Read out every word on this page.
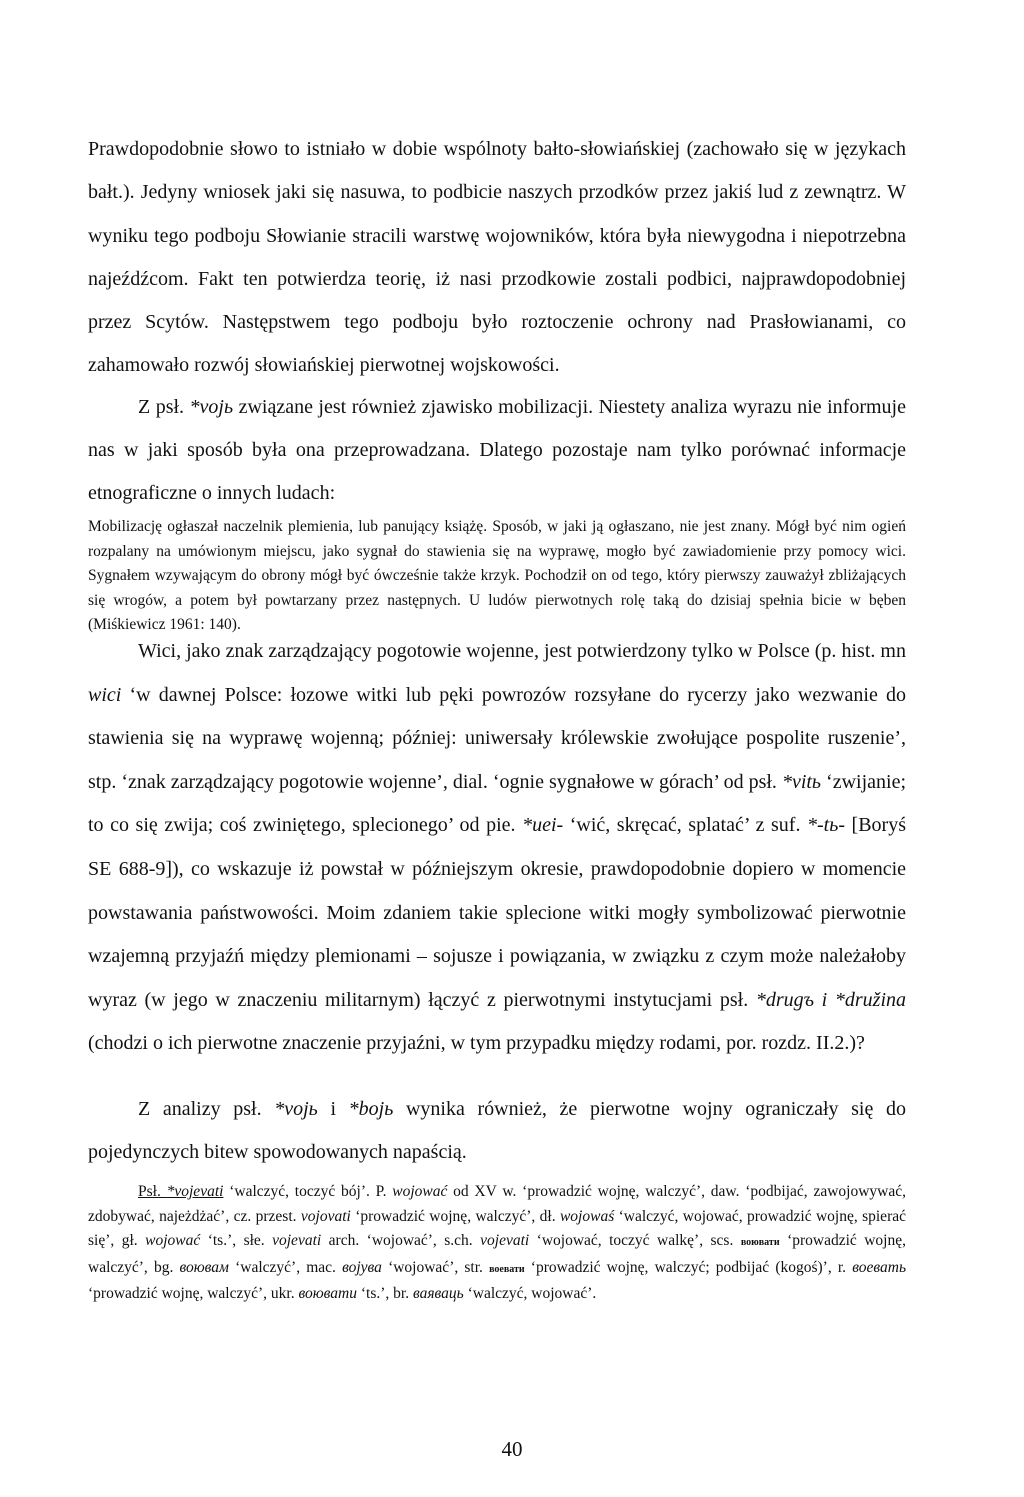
Prawdopodobnie słowo to istniało w dobie wspólnoty bałto-słowiańskiej (zachowało się w językach bałt.). Jedyny wniosek jaki się nasuwa, to podbicie naszych przodków przez jakiś lud z zewnątrz. W wyniku tego podboju Słowianie stracili warstwę wojowników, która była niewygodna i niepotrzebna najeźdźcom. Fakt ten potwierdza teorię, iż nasi przodkowie zostali podbici, najprawdopodobniej przez Scytów. Następstwem tego podboju było roztoczenie ochrony nad Prasłowianami, co zahamowało rozwój słowiańskiej pierwotnej wojskowości.

Z psł. *vojь związane jest również zjawisko mobilizacji. Niestety analiza wyrazu nie informuje nas w jaki sposób była ona przeprowadzana. Dlatego pozostaje nam tylko porównać informacje etnograficzne o innych ludach:

Mobilizację ogłaszał naczelnik plemienia, lub panujący książę. Sposób, w jaki ją ogłaszano, nie jest znany. Mógł być nim ogień rozpalany na umówionym miejscu, jako sygnał do stawienia się na wyprawę, mogło być zawiadomienie przy pomocy wici. Sygnałem wzywającym do obrony mógł być ówcześnie także krzyk. Pochodził on od tego, który pierwszy zauważył zbliżających się wrogów, a potem był powtarzany przez następnych. U ludów pierwotnych rolę taką do dzisiaj spełnia bicie w bęben (Miśkiewicz 1961: 140).

Wici, jako znak zarządzający pogotowie wojenne, jest potwierdzony tylko w Polsce (p. hist. mn wici ‘w dawnej Polsce: łozowe witki lub pęki powrozów rozsyłane do rycerzy jako wezwanie do stawienia się na wyprawę wojenną; później: uniwersały królewskie zwołujące pospolite ruszenie’, stp. ‘znak zarządzający pogotowie wojenne’, dial. ‘ognie sygnałowe w górach’ od psł. *vitь ‘zwijanie; to co się zwija; coś zwiniętego, splecionego’ od pie. *uei- ‘wić, skręcać, splatać’ z suf. *-tь- [Boryś SE 688-9]), co wskazuje iż powstał w późniejszym okresie, prawdopodobnie dopiero w momencie powstawania państwowości. Moim zdaniem takie splecione witki mogły symbolizować pierwotnie wzajemną przyjaźń między plemionami – sojusze i powiązania, w związku z czym może należałoby wyraz (w jego w znaczeniu militarnym) łączyć z pierwotnymi instytucjami psł. *drugъ i *družina (chodzi o ich pierwotne znaczenie przyjaźni, w tym przypadku między rodami, por. rozdz. II.2.)?

Z analizy psł. *vojь i *bojь wynika również, że pierwotne wojny ograniczały się do pojedynczych bitew spowodowanych napaścią.

Psł. *vojevati ‘walczyć, toczyć bój’. P. wojować od XV w. ‘prowadzić wojnę, walczyć’, daw. ‘podbijać, zawojowywać, zdobywać, najeżdżać’, cz. przest. vojovati ‘prowadzić wojnę, walczyć’, dł. wojowaś ‘walczyć, wojować, prowadzić wojnę, spierać się’, gł. wojować ‘ts.’, słe. vojevati arch. ‘wojować’, s.ch. vojevati ‘wojować, toczyć walkę’, scs. воювати ‘prowadzić wojnę, walczyć’, bg. воювам ‘walczyć’, mac. војува ‘wojować’, str. воевати ‘prowadzić wojnę, walczyć; podbijać (kogoś)’, r. воевать ‘prowadzić wojnę, walczyć’, ukr. воювати ‘ts.’, br. ваяваць ‘walczyć, wojować’.

40
